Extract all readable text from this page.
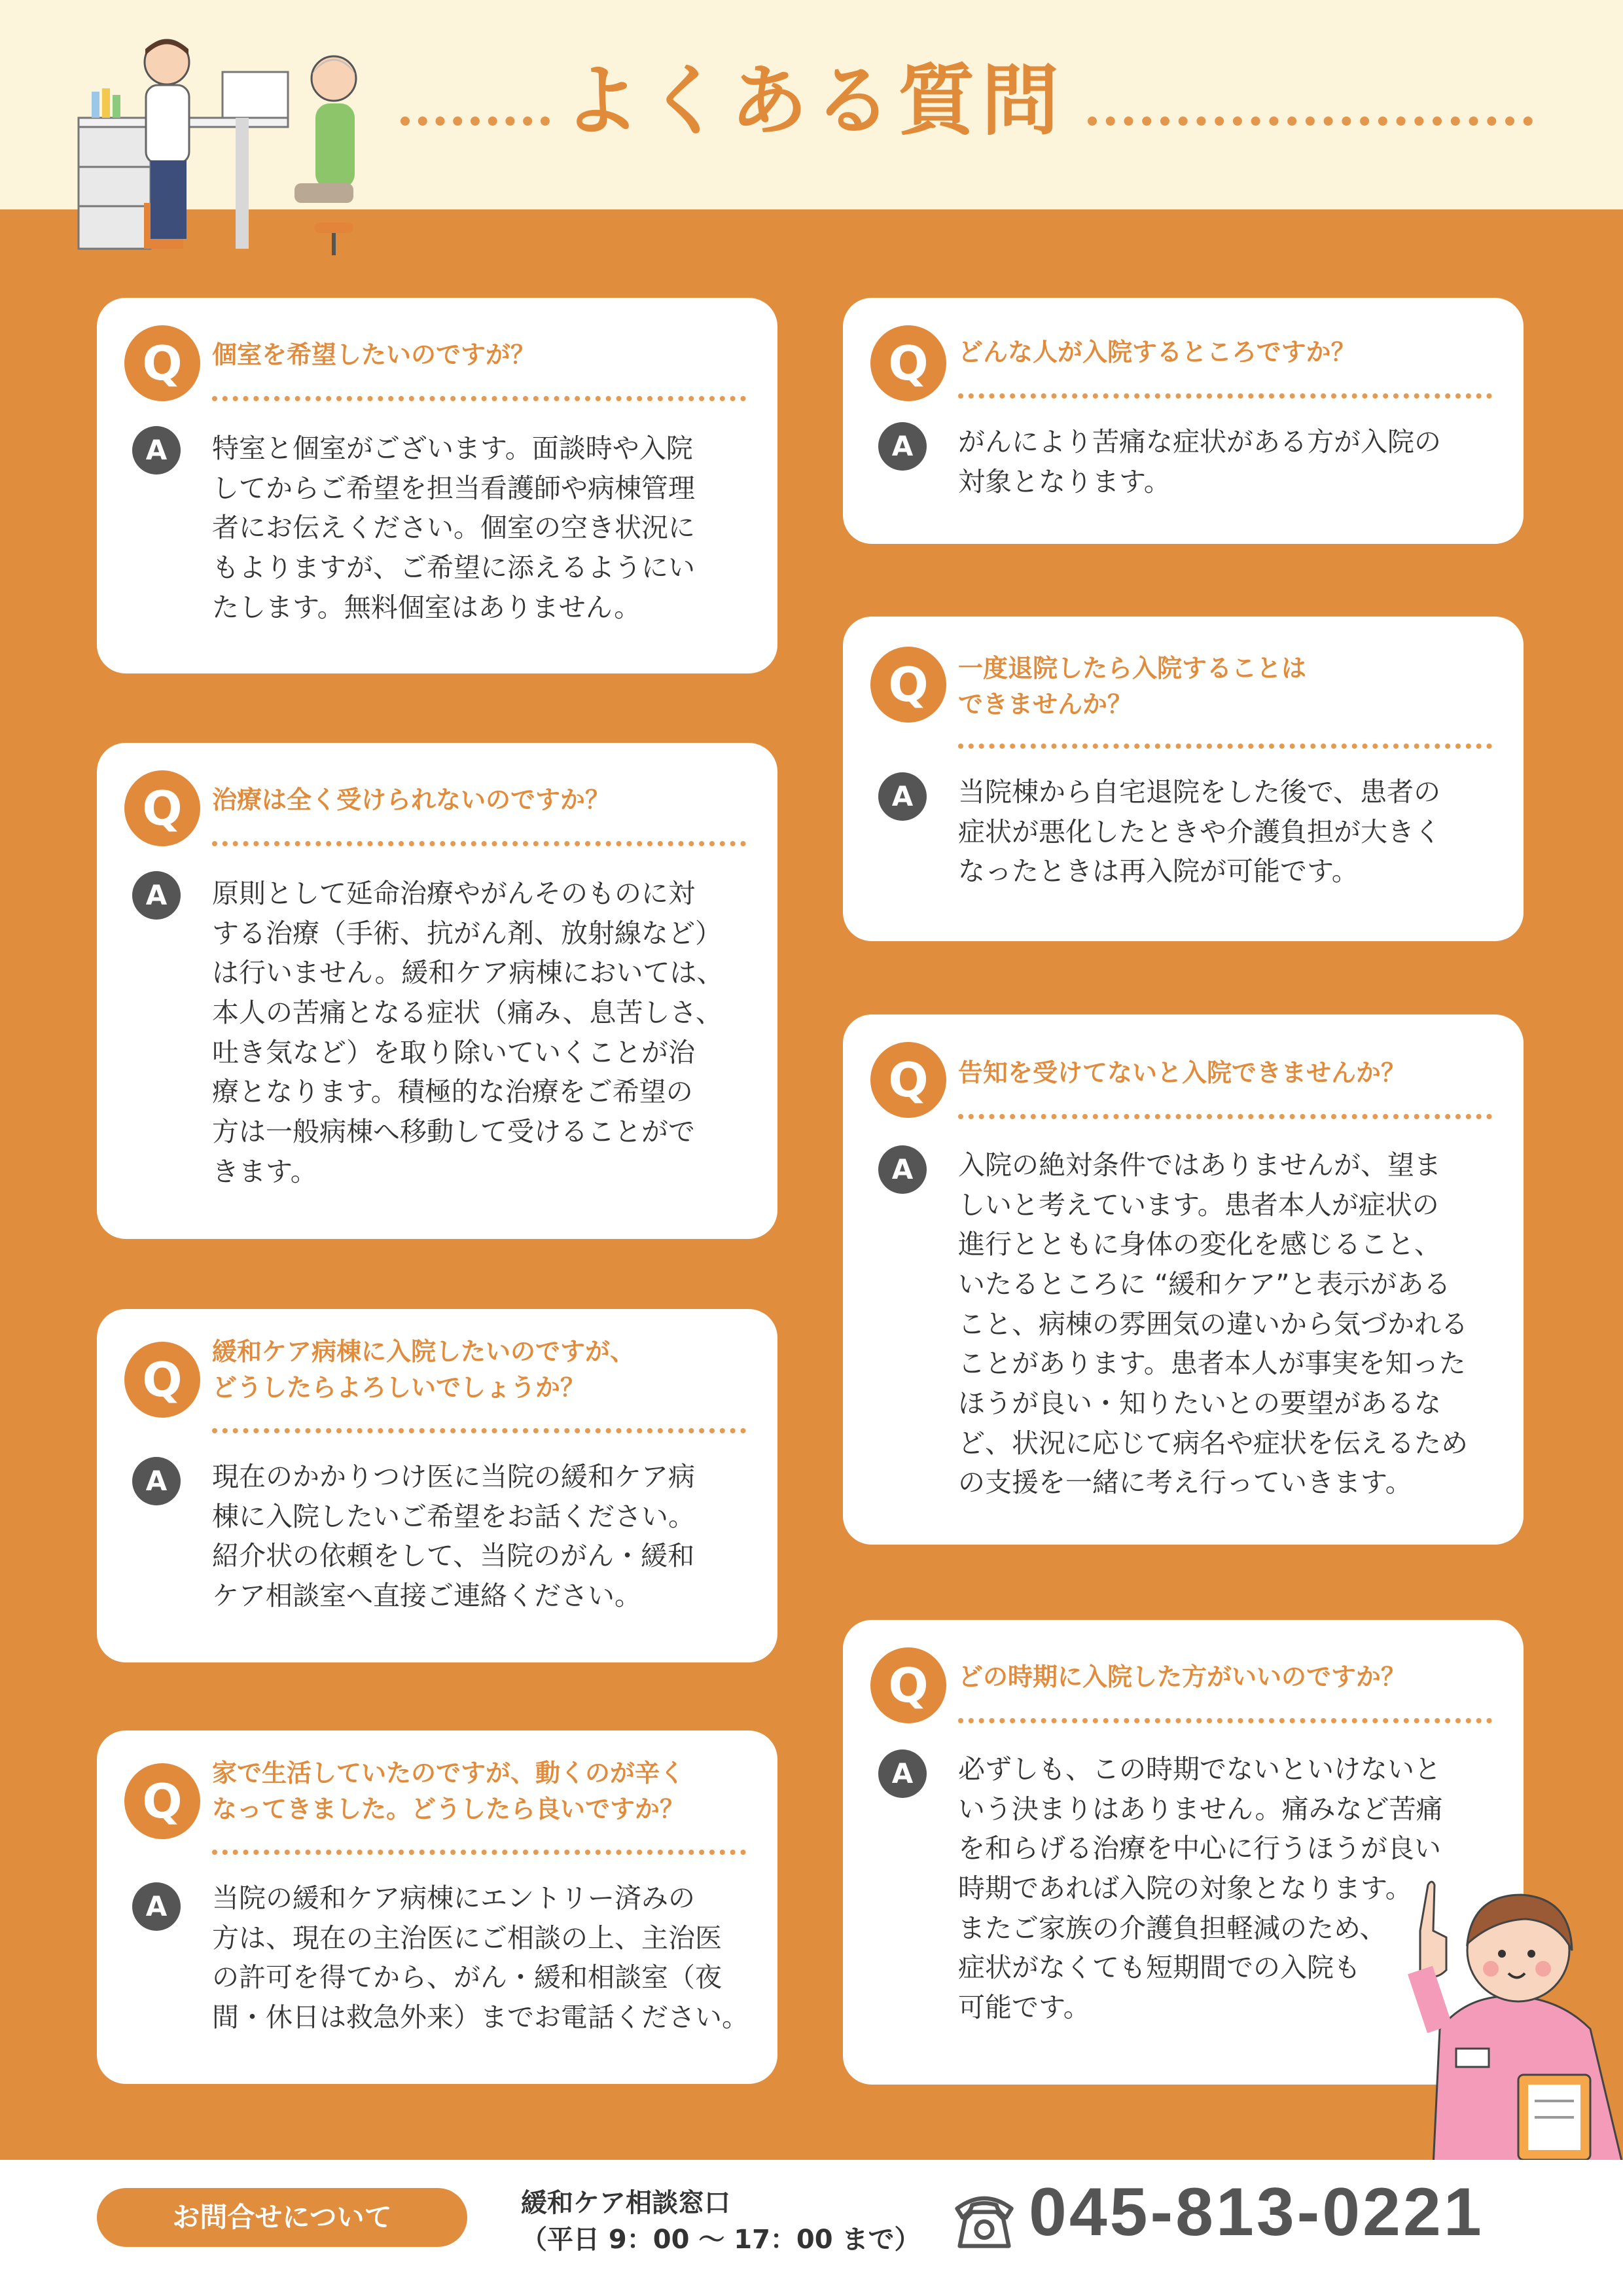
よくある質問
Q	個室を希望したいのですが？
A	特室と個室がございます。面談時や入院
してからご希望を担当看護師や病棟管理
者にお伝えください。個室の空き状況に
もよりますが、ご希望に添えるようにい
たします。無料個室はありません。
Q	治療は全く受けられないのですか？
A	原則として延命治療やがんそのものに対
する治療（手術、抗がん剤、放射線など）
は行いません。緩和ケア病棟においては、
本人の苦痛となる症状（痛み、息苦しさ、
吐き気など）を取り除いていくことが治
療となります。積極的な治療をご希望の
方は一般病棟へ移動して受けることがで
きます。
Q
緩和ケア病棟に入院したいのですが、
どうしたらよろしいでしょうか？
A	現在のかかりつけ医に当院の緩和ケア病
棟に入院したいご希望をお話ください。
紹介状の依頼をして、当院のがん・緩和
ケア相談室へ直接ご連絡ください。
Q
家で生活していたのですが、動くのが辛く
なってきました。どうしたら良いですか？
A	当院の緩和ケア病棟にエントリー済みの
方は、現在の主治医にご相談の上、主治医
の許可を得てから、がん・緩和相談室（夜
間・休日は救急外来）までお電話ください。
Q	どんな人が入院するところですか？
A	がんにより苦痛な症状がある方が入院の
対象となります。
Q	一度退院したら入院することは
できませんか？
A	当院棟から自宅退院をした後で、患者の
症状が悪化したときや介護負担が大きく
なったときは再入院が可能です。
Q	告知を受けてないと入院できませんか？
A	入院の絶対条件ではありませんが、望ま
しいと考えています。患者本人が症状の
進行とともに身体の変化を感じること、
いたるところに “緩和ケア”と表示がある
こと、病棟の雰囲気の違いから気づかれる
ことがあります。患者本人が事実を知った
ほうが良い・知りたいとの要望があるな
ど、状況に応じて病名や症状を伝えるため
の支援を一緒に考え行っていきます。
Q	どの時期に入院した方がいいのですか？
A	必ずしも、この時期でないといけないと
いう決まりはありません。痛みなど苦痛
を和らげる治療を中心に行うほうが良い
時期であれば入院の対象となります。
またご家族の介護負担軽減のため、
症状がなくても短期間での入院も
可能です。
お問合せについて	緩和ケア相談窓口
（平日 9：00 〜 17：00 まで） 045-813-0221
